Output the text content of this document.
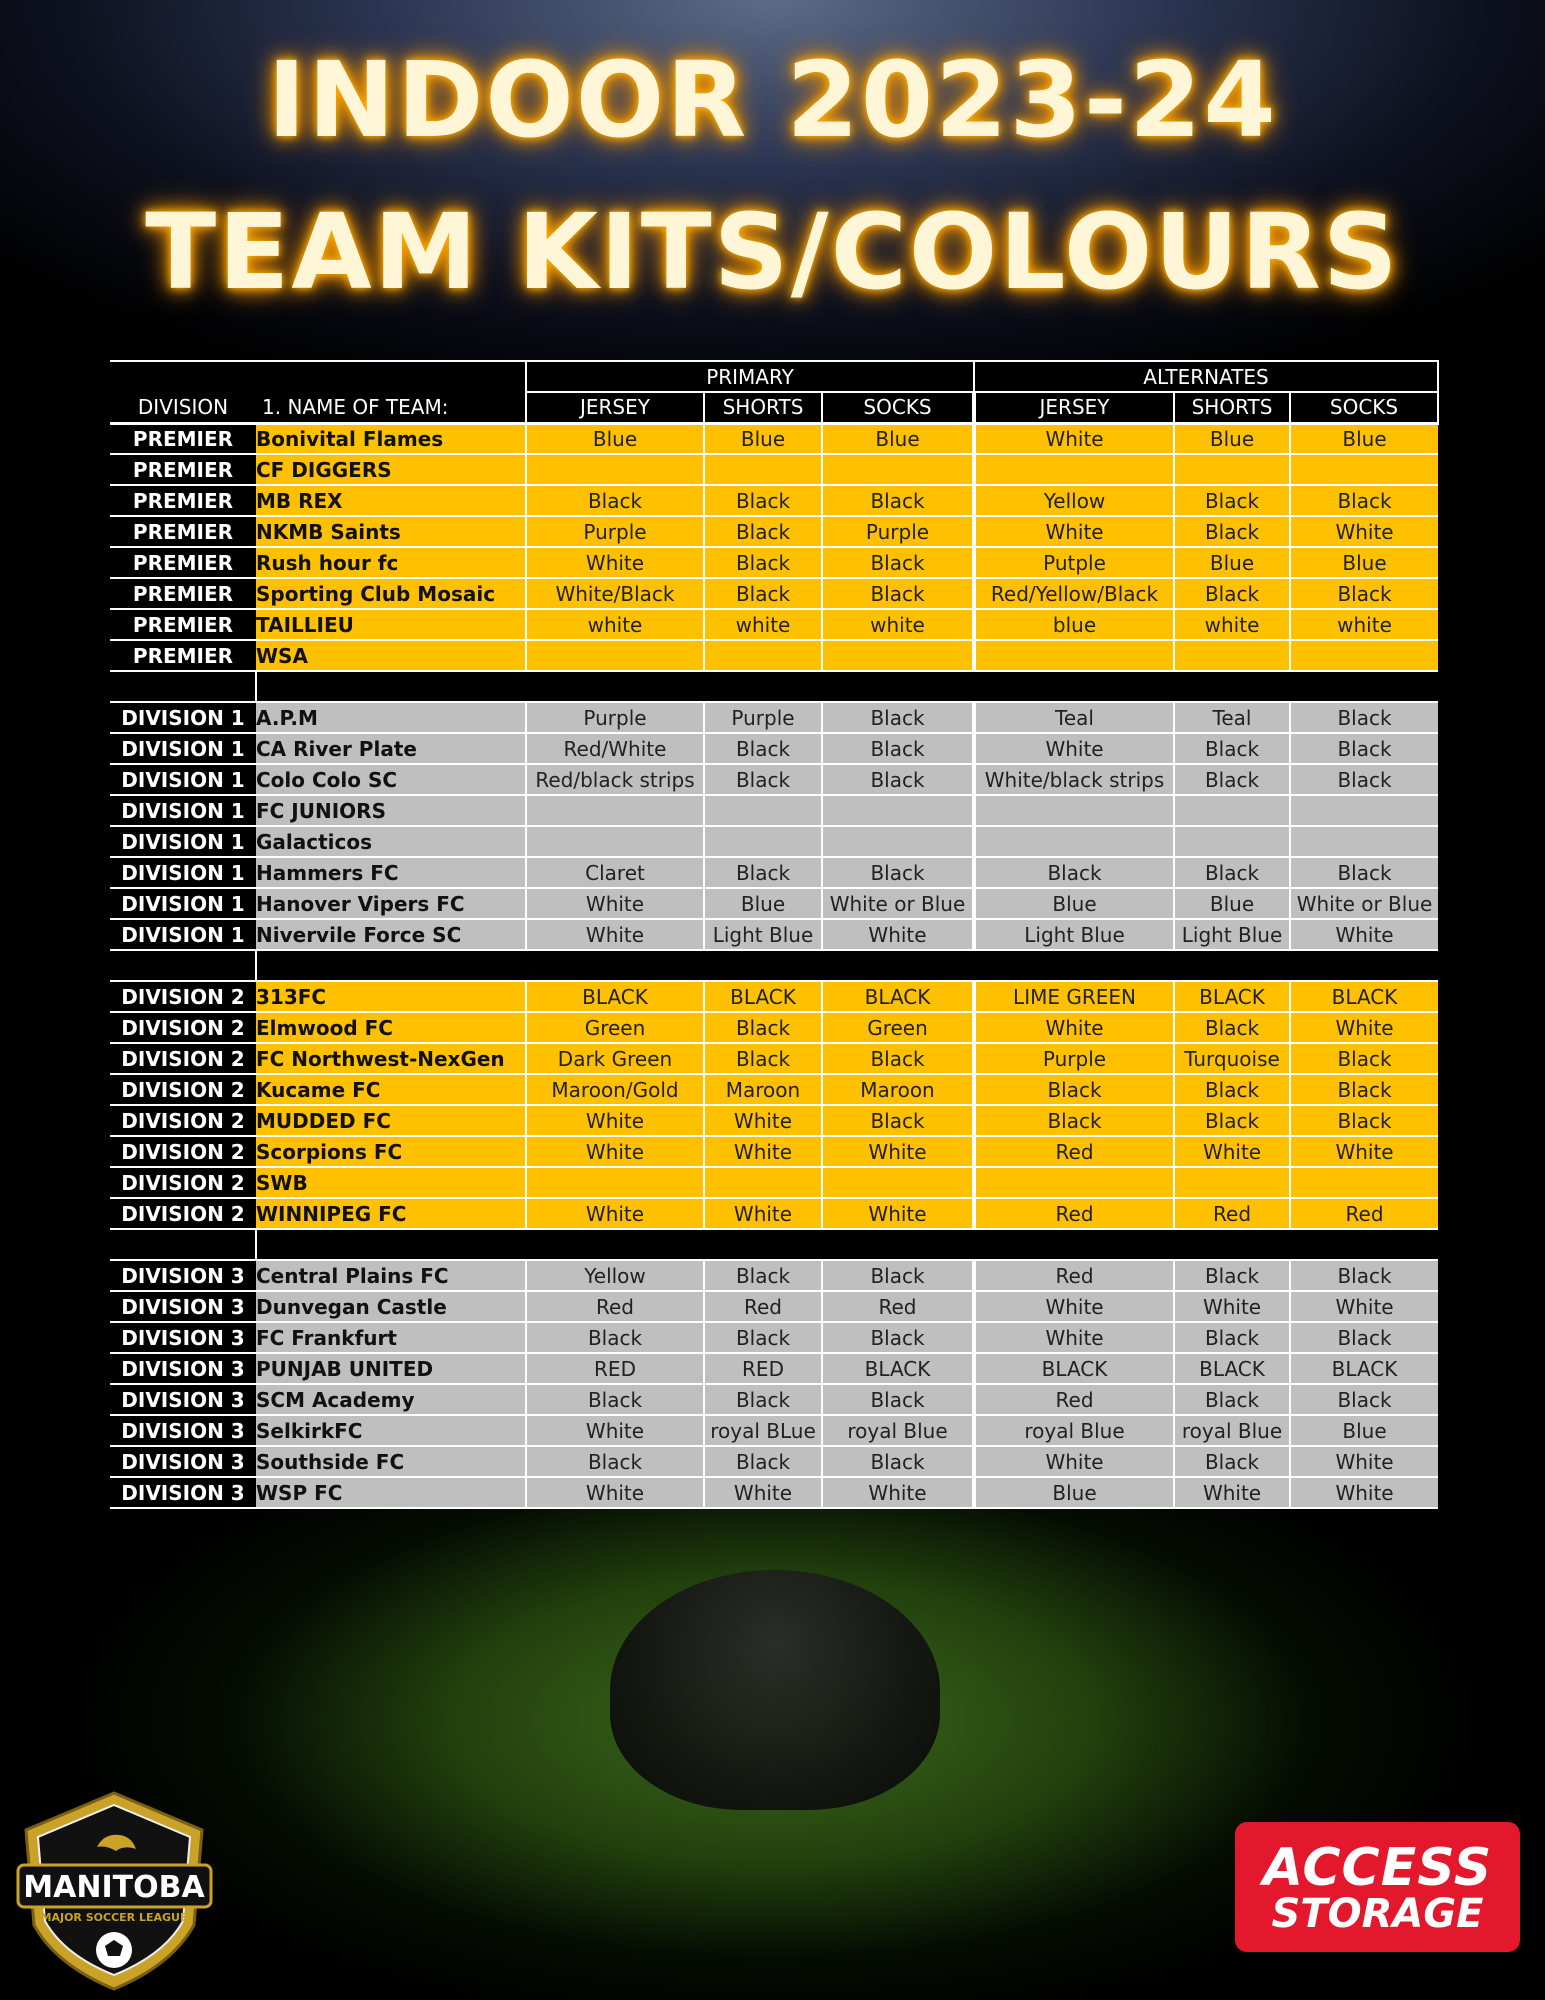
INDOOR 2023-24
TEAM KITS/COLOURS
		PRIMARY			ALTERNATES		
DIVISION	1. NAME OF TEAM:	JERSEY	SHORTS	SOCKS	JERSEY	SHORTS	SOCKS
PREMIER	Bonivital Flames	Blue	Blue	Blue	White	Blue	Blue
PREMIER	CF DIGGERS						
PREMIER	MB REX	Black	Black	Black	Yellow	Black	Black
PREMIER	NKMB Saints	Purple	Black	Purple	White	Black	White
PREMIER	Rush hour fc	White	Black	Black	Putple	Blue	Blue
PREMIER	Sporting Club Mosaic	White/Black	Black	Black	Red/Yellow/Black	Black	Black
PREMIER	TAILLIEU	white	white	white	blue	white	white
PREMIER	WSA						

DIVISION 1	A.P.M	Purple	Purple	Black	Teal	Teal	Black
DIVISION 1	CA River Plate	Red/White	Black	Black	White	Black	Black
DIVISION 1	Colo Colo SC	Red/black strips	Black	Black	White/black strips	Black	Black
DIVISION 1	FC JUNIORS						
DIVISION 1	Galacticos						
DIVISION 1	Hammers FC	Claret	Black	Black	Black	Black	Black
DIVISION 1	Hanover Vipers FC	White	Blue	White or Blue	Blue	Blue	White or Blue
DIVISION 1	Nivervile Force SC	White	Light Blue	White	Light Blue	Light Blue	White

DIVISION 2	313FC	BLACK	BLACK	BLACK	LIME GREEN	BLACK	BLACK
DIVISION 2	Elmwood FC	Green	Black	Green	White	Black	White
DIVISION 2	FC Northwest-NexGen	Dark Green	Black	Black	Purple	Turquoise	Black
DIVISION 2	Kucame FC	Maroon/Gold	Maroon	Maroon	Black	Black	Black
DIVISION 2	MUDDED FC	White	White	Black	Black	Black	Black
DIVISION 2	Scorpions FC	White	White	White	Red	White	White
DIVISION 2	SWB						
DIVISION 2	WINNIPEG FC	White	White	White	Red	Red	Red

DIVISION 3	Central Plains FC	Yellow	Black	Black	Red	Black	Black
DIVISION 3	Dunvegan Castle	Red	Red	Red	White	White	White
DIVISION 3	FC Frankfurt	Black	Black	Black	White	Black	Black
DIVISION 3	PUNJAB UNITED	RED	RED	BLACK	BLACK	BLACK	BLACK
DIVISION 3	SCM Academy	Black	Black	Black	Red	Black	Black
DIVISION 3	SelkirkFC	White	royal BLue	royal Blue	royal Blue	royal Blue	Blue
DIVISION 3	Southside FC	Black	Black	Black	White	Black	White
DIVISION 3	WSP FC	White	White	White	Blue	White	White
MANITOBA
MAJOR SOCCER LEAGUE
ACCESS
STORAGE
